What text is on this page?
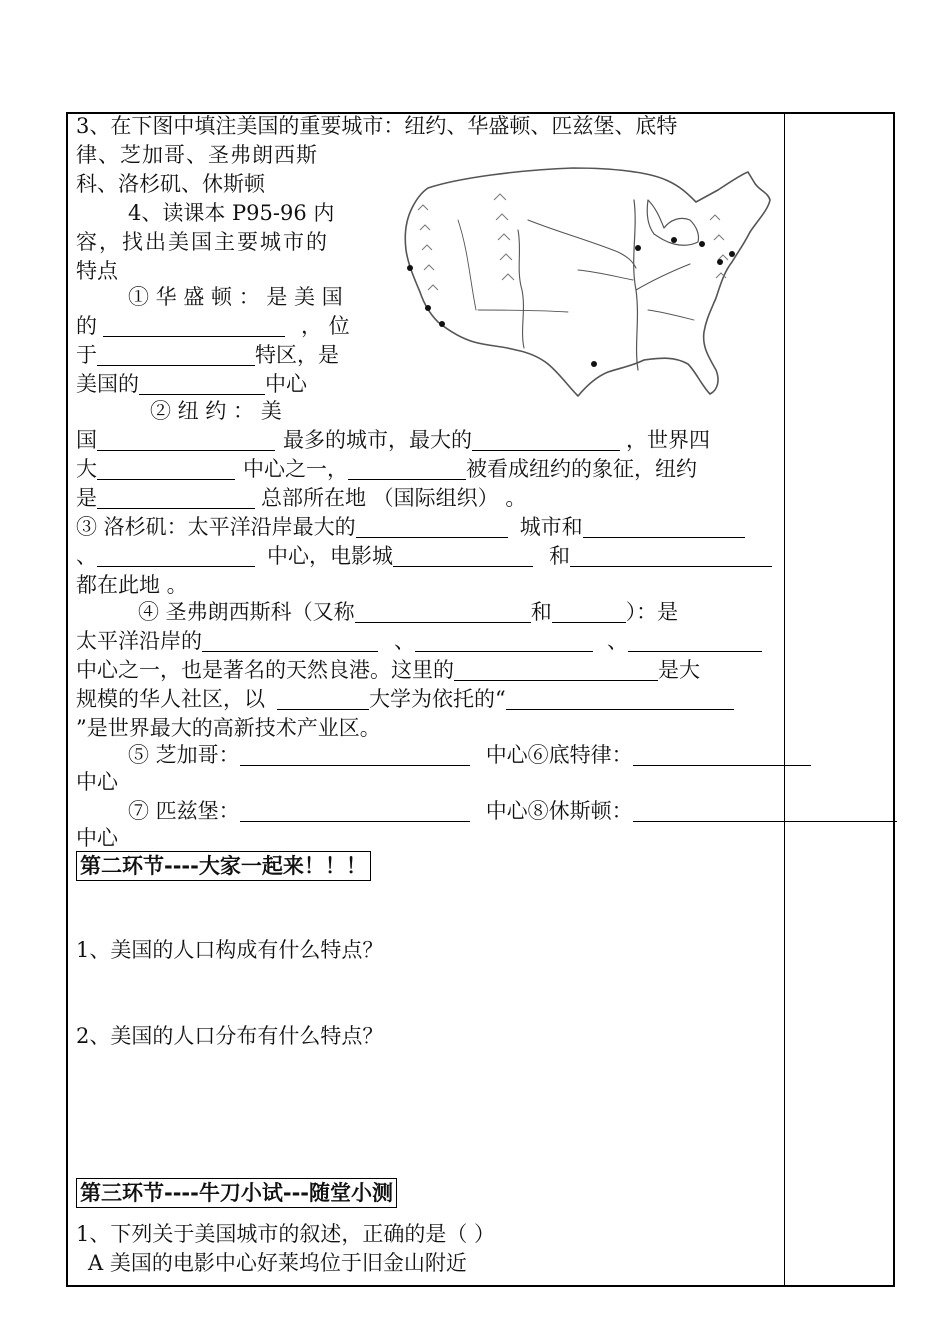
3、在下图中填注美国的重要城市：纽约、华盛顿、匹兹堡、底特
律、芝加哥、圣弗朗西斯
科、洛杉矶、休斯顿
4、读课本 P95-96 内
容，找出美国主要城市的
特点
① 华 盛 顿 ： 是 美 国
的	， 位
于	特区，是
美国的	中心
② 纽 约 ： 美
国	最多的城市，最大的	，世界四
大	中心之一，	被看成纽约的象征，纽约
是	总部所在地 （国际组织） 。
③ 洛杉矶：太平洋沿岸最大的	城市和
、	中心，电影城	和
都在此地 。
④ 圣弗朗西斯科（又称	和	）：是
太平洋沿岸的	、	、
中心之一，也是著名的天然良港。这里的	是大
规模的华人社区，以	大学为依托的“
”是世界最大的高新技术产业区。
⑤ 芝加哥：	中心⑥底特律：
中心
⑦ 匹兹堡：	中心⑧休斯顿：
中心
第二环节----大家一起来！！！
1、美国的人口构成有什么特点？
2、美国的人口分布有什么特点？
第三环节----牛刀小试---随堂小测
1、下列关于美国城市的叙述，正确的是（ ）
A 美国的电影中心好莱坞位于旧金山附近
